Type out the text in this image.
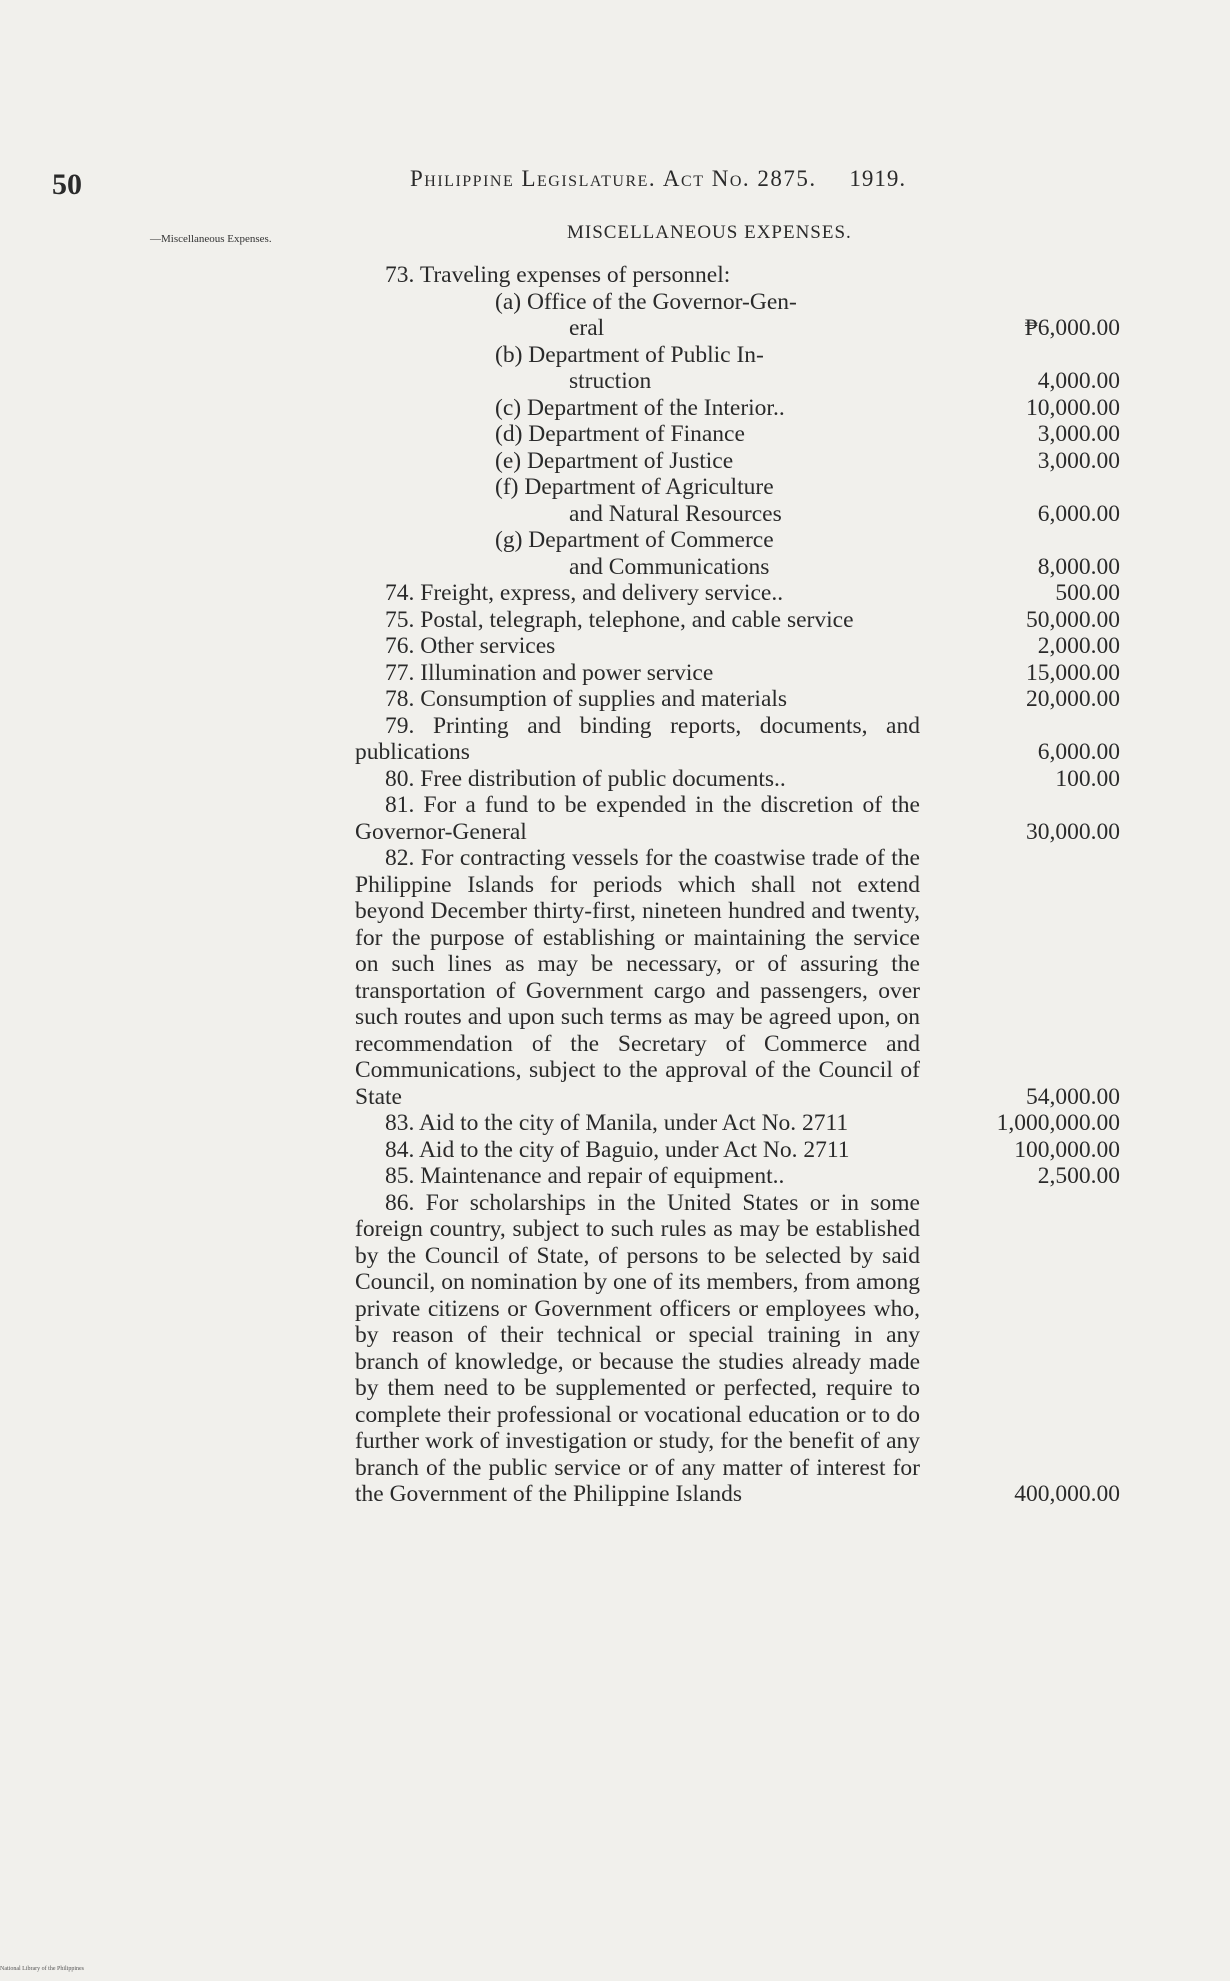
50	Philippine Legislature. Act No. 2875. 1919.
—Miscellaneous Expenses.	MISCELLANEOUS EXPENSES.
73. Traveling expenses of personnel:
(a) Office of the Governor-Gen-
eral	₱6,000.00
(b) Department of Public In-
struction	4,000.00
(c) Department of the Interior..	10,000.00
(d) Department of Finance	3,000.00
(e) Department of Justice	3,000.00
(f) Department of Agriculture
and Natural Resources	6,000.00
(g) Department of Commerce
and Communications	8,000.00
74. Freight, express, and delivery service..	500.00
75. Postal, telegraph, telephone, and cable service	50,000.00
76. Other services	2,000.00
77. Illumination and power service	15,000.00
78. Consumption of supplies and materials	20,000.00
79. Printing and binding reports, documents, and publications	6,000.00
80. Free distribution of public documents..	100.00
81. For a fund to be expended in the discretion of the Governor-General	30,000.00
82. For contracting vessels for the coastwise trade of the Philippine Islands for periods which shall not extend beyond December thirty-first, nineteen hundred and twenty, for the purpose of establishing or maintaining the service on such lines as may be necessary, or of assuring the transportation of Government cargo and passengers, over such routes and upon such terms as may be agreed upon, on recommendation of the Secretary of Commerce and Communications, subject to the approval of the Council of State	54,000.00
83. Aid to the city of Manila, under Act No. 2711	1,000,000.00
84. Aid to the city of Baguio, under Act No. 2711	100,000.00
85. Maintenance and repair of equipment..	2,500.00
86. For scholarships in the United States or in some foreign country, subject to such rules as may be established by the Council of State, of persons to be selected by said Council, on nomination by one of its members, from among private citizens or Government officers or employees who, by reason of their technical or special training in any branch of knowledge, or because the studies already made by them need to be supplemented or perfected, require to complete their professional or vocational education or to do further work of investigation or study, for the benefit of any branch of the public service or of any matter of interest for the Government of the Philippine Islands	400,000.00
National Library of the Philippines
